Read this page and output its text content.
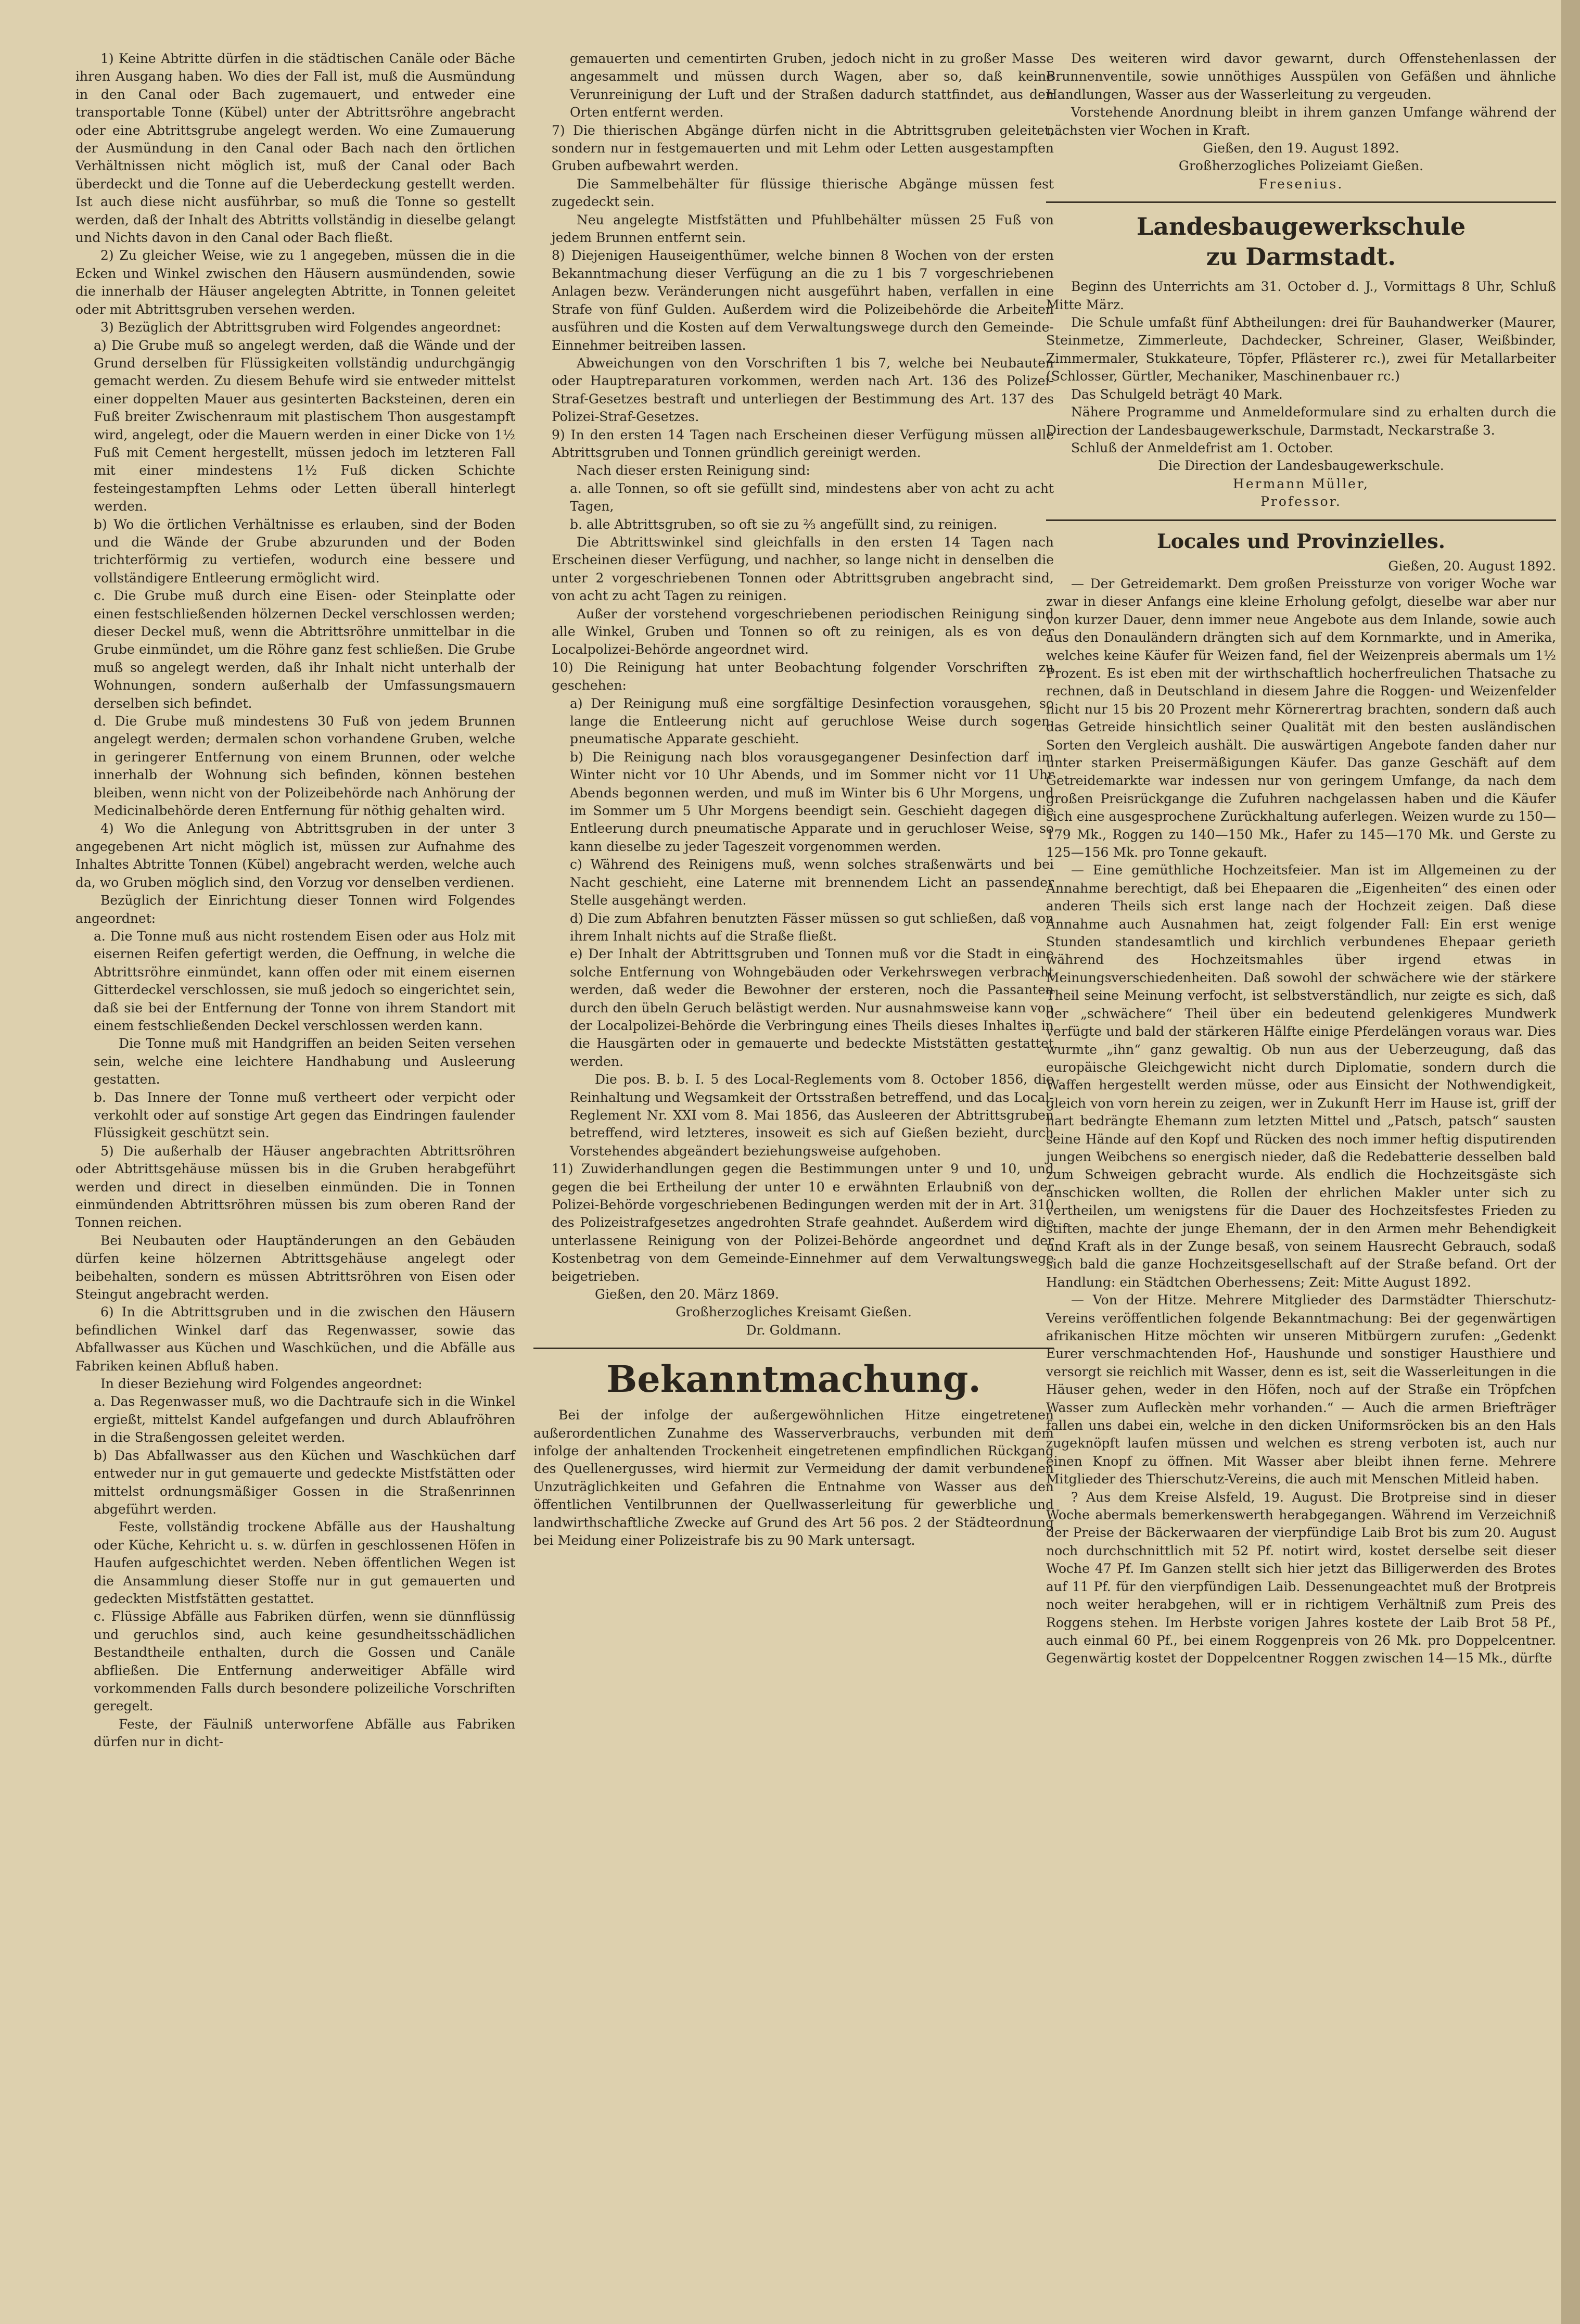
1) Keine Abtritte dürfen in die städtischen Canäle oder Bäche ihren Ausgang haben. Wo dies der Fall ist, muß die Ausmündung in den Canal oder Bach zugemauert, und entweder eine transportable Tonne (Kübel) unter der Abtrittsröhre angebracht oder eine Abtrittsgrube angelegt werden. Wo eine Zumauerung der Ausmündung in den Canal oder Bach nach den örtlichen Verhältnissen nicht möglich ist, muß der Canal oder Bach überdeckt und die Tonne auf die Ueberdeckung gestellt werden. Ist auch diese nicht ausführbar, so muß die Tonne so gestellt werden, daß der Inhalt des Abtritts vollständig in dieselbe gelangt und Nichts davon in den Canal oder Bach fließt.

2) Zu gleicher Weise, wie zu 1 angegeben, müssen die in die Ecken und Winkel zwischen den Häusern ausmündenden, sowie die innerhalb der Häuser angelegten Abtritte, in Tonnen geleitet oder mit Abtrittsgruben versehen werden.

3) Bezüglich der Abtrittsgruben wird Folgendes angeordnet:

a) Die Grube muß so angelegt werden, daß die Wände und der Grund derselben für Flüssigkeiten vollständig undurchgängig gemacht werden. Zu diesem Behufe wird sie entweder mittelst einer doppelten Mauer aus gesinterten Backsteinen, deren ein Fuß breiter Zwischenraum mit plastischem Thon ausgestampft wird, angelegt, oder die Mauern werden in einer Dicke von 1½ Fuß mit Cement hergestellt, müssen jedoch im letzteren Fall mit einer mindestens 1½ Fuß dicken Schichte festeingestampften Lehms oder Letten überall hinterlegt werden.

b) Wo die örtlichen Verhältnisse es erlauben, sind der Boden und die Wände der Grube abzurunden und der Boden trichterförmig zu vertiefen, wodurch eine bessere und vollständigere Entleerung ermöglicht wird.

c. Die Grube muß durch eine Eisen- oder Steinplatte oder einen festschließenden hölzernen Deckel verschlossen werden; dieser Deckel muß, wenn die Abtrittsröhre unmittelbar in die Grube einmündet, um die Röhre ganz fest schließen. Die Grube muß so angelegt werden, daß ihr Inhalt nicht unterhalb der Wohnungen, sondern außerhalb der Umfassungsmauern derselben sich befindet.

d. Die Grube muß mindestens 30 Fuß von jedem Brunnen angelegt werden; dermalen schon vorhandene Gruben, welche in geringerer Entfernung von einem Brunnen, oder welche innerhalb der Wohnung sich befinden, können bestehen bleiben, wenn nicht von der Polizeibehörde nach Anhörung der Medicinalbehörde deren Entfernung für nöthig gehalten wird.

4) Wo die Anlegung von Abtrittsgruben in der unter 3 angegebenen Art nicht möglich ist, müssen zur Aufnahme des Inhaltes Abtritte Tonnen (Kübel) angebracht werden, welche auch da, wo Gruben möglich sind, den Vorzug vor denselben verdienen.

Bezüglich der Einrichtung dieser Tonnen wird Folgendes angeordnet:

a. Die Tonne muß aus nicht rostendem Eisen oder aus Holz mit eisernen Reifen gefertigt werden, die Oeffnung, in welche die Abtrittsröhre einmündet, kann offen oder mit einem eisernen Gitterdeckel verschlossen, sie muß jedoch so eingerichtet sein, daß sie bei der Entfernung der Tonne von ihrem Standort mit einem festschließenden Deckel verschlossen werden kann.

Die Tonne muß mit Handgriffen an beiden Seiten versehen sein, welche eine leichtere Handhabung und Ausleerung gestatten.

b. Das Innere der Tonne muß vertheert oder verpicht oder verkohlt oder auf sonstige Art gegen das Eindringen faulender Flüssigkeit geschützt sein.

5) Die außerhalb der Häuser angebrachten Abtrittsröhren oder Abtrittsgehäuse müssen bis in die Gruben herabgeführt werden und direct in dieselben einmünden. Die in Tonnen einmündenden Abtrittsröhren müssen bis zum oberen Rand der Tonnen reichen.

Bei Neubauten oder Hauptänderungen an den Gebäuden dürfen keine hölzernen Abtrittsgehäuse angelegt oder beibehalten, sondern es müssen Abtrittsröhren von Eisen oder Steingut angebracht werden.

6) In die Abtrittsgruben und in die zwischen den Häusern befindlichen Winkel darf das Regenwasser, sowie das Abfallwasser aus Küchen und Waschküchen, und die Abfälle aus Fabriken keinen Abfluß haben.

In dieser Beziehung wird Folgendes angeordnet:

a. Das Regenwasser muß, wo die Dachtraufe sich in die Winkel ergießt, mittelst Kandel aufgefangen und durch Ablaufröhren in die Straßengossen geleitet werden.

b) Das Abfallwasser aus den Küchen und Waschküchen darf entweder nur in gut gemauerte und gedeckte Mistfstätten oder mittelst ordnungsmäßiger Gossen in die Straßenrinnen abgeführt werden.

Feste, vollständig trockene Abfälle aus der Haushaltung oder Küche, Kehricht u. s. w. dürfen in geschlossenen Höfen in Haufen aufgeschichtet werden. Neben öffentlichen Wegen ist die Ansammlung dieser Stoffe nur in gut gemauerten und gedeckten Mistfstätten gestattet.

c. Flüssige Abfälle aus Fabriken dürfen, wenn sie dünnflüssig und geruchlos sind, auch keine gesundheitsschädlichen Bestandtheile enthalten, durch die Gossen und Canäle abfließen. Die Entfernung anderweitiger Abfälle wird vorkommenden Falls durch besondere polizeiliche Vorschriften geregelt.

Feste, der Fäulniß unterworfene Abfälle aus Fabriken dürfen nur in dicht-

gemauerten und cementirten Gruben, jedoch nicht in zu großer Masse angesammelt und müssen durch Wagen, aber so, daß keine Verunreinigung der Luft und der Straßen dadurch stattfindet, aus den Orten entfernt werden.

7) Die thierischen Abgänge dürfen nicht in die Abtrittsgruben geleitet, sondern nur in festgemauerten und mit Lehm oder Letten ausgestampften Gruben aufbewahrt werden.

Die Sammelbehälter für flüssige thierische Abgänge müssen fest zugedeckt sein.

Neu angelegte Mistfstätten und Pfuhlbehälter müssen 25 Fuß von jedem Brunnen entfernt sein.

8) Diejenigen Hauseigenthümer, welche binnen 8 Wochen von der ersten Bekanntmachung dieser Verfügung an die zu 1 bis 7 vorgeschriebenen Anlagen bezw. Veränderungen nicht ausgeführt haben, verfallen in eine Strafe von fünf Gulden. Außerdem wird die Polizeibehörde die Arbeiten ausführen und die Kosten auf dem Verwaltungswege durch den Gemeinde-Einnehmer beitreiben lassen.

Abweichungen von den Vorschriften 1 bis 7, welche bei Neubauten oder Hauptreparaturen vorkommen, werden nach Art. 136 des Polizei-Straf-Gesetzes bestraft und unterliegen der Bestimmung des Art. 137 des Polizei-Straf-Gesetzes.

9) In den ersten 14 Tagen nach Erscheinen dieser Verfügung müssen alle Abtrittsgruben und Tonnen gründlich gereinigt werden.

Nach dieser ersten Reinigung sind:

a. alle Tonnen, so oft sie gefüllt sind, mindestens aber von acht zu acht Tagen,

b. alle Abtrittsgruben, so oft sie zu ⅔ angefüllt sind, zu reinigen.

Die Abtrittswinkel sind gleichfalls in den ersten 14 Tagen nach Erscheinen dieser Verfügung, und nachher, so lange nicht in denselben die unter 2 vorgeschriebenen Tonnen oder Abtrittsgruben angebracht sind, von acht zu acht Tagen zu reinigen.

Außer der vorstehend vorgeschriebenen periodischen Reinigung sind alle Winkel, Gruben und Tonnen so oft zu reinigen, als es von der Localpolizei-Behörde angeordnet wird.

10) Die Reinigung hat unter Beobachtung folgender Vorschriften zu geschehen:

a) Der Reinigung muß eine sorgfältige Desinfection vorausgehen, so lange die Entleerung nicht auf geruchlose Weise durch sogen. pneumatische Apparate geschieht.

b) Die Reinigung nach blos vorausgegangener Desinfection darf im Winter nicht vor 10 Uhr Abends, und im Sommer nicht vor 11 Uhr Abends begonnen werden, und muß im Winter bis 6 Uhr Morgens, und im Sommer um 5 Uhr Morgens beendigt sein. Geschieht dagegen die Entleerung durch pneumatische Apparate und in geruchloser Weise, so kann dieselbe zu jeder Tageszeit vorgenommen werden.

c) Während des Reinigens muß, wenn solches straßenwärts und bei Nacht geschieht, eine Laterne mit brennendem Licht an passender Stelle ausgehängt werden.

d) Die zum Abfahren benutzten Fässer müssen so gut schließen, daß von ihrem Inhalt nichts auf die Straße fließt.

e) Der Inhalt der Abtrittsgruben und Tonnen muß vor die Stadt in eine solche Entfernung von Wohngebäuden oder Verkehrswegen verbracht werden, daß weder die Bewohner der ersteren, noch die Passanten durch den übeln Geruch belästigt werden. Nur ausnahmsweise kann von der Localpolizei-Behörde die Verbringung eines Theils dieses Inhaltes in die Hausgärten oder in gemauerte und bedeckte Miststätten gestattet werden.

Die pos. B. b. I. 5 des Local-Reglements vom 8. October 1856, die Reinhaltung und Wegsamkeit der Ortsstraßen betreffend, und das Local-Reglement Nr. XXI vom 8. Mai 1856, das Ausleeren der Abtrittsgruben betreffend, wird letzteres, insoweit es sich auf Gießen bezieht, durch Vorstehendes abgeändert beziehungsweise aufgehoben.

11) Zuwiderhandlungen gegen die Bestimmungen unter 9 und 10, und gegen die bei Ertheilung der unter 10 e erwähnten Erlaubniß von der Polizei-Behörde vorgeschriebenen Bedingungen werden mit der in Art. 310 des Polizeistrafgesetzes angedrohten Strafe geahndet. Außerdem wird die unterlassene Reinigung von der Polizei-Behörde angeordnet und der Kostenbetrag von dem Gemeinde-Einnehmer auf dem Verwaltungswege beigetrieben.

Gießen, den 20. März 1869.

Großherzogliches Kreisamt Gießen.

Dr. Goldmann.

Bekanntmachung.

Bei der infolge der außergewöhnlichen Hitze eingetretenen außerordentlichen Zunahme des Wasserverbrauchs, verbunden mit dem infolge der anhaltenden Trockenheit eingetretenen empfindlichen Rückgang des Quellenergusses, wird hiermit zur Vermeidung der damit verbundenen Unzuträglichkeiten und Gefahren die Entnahme von Wasser aus den öffentlichen Ventilbrunnen der Quellwasserleitung für gewerbliche und landwirthschaftliche Zwecke auf Grund des Art 56 pos. 2 der Städteordnung bei Meidung einer Polizeistrafe bis zu 90 Mark untersagt.

Des weiteren wird davor gewarnt, durch Offenstehenlassen der Brunnenventile, sowie unnöthiges Ausspülen von Gefäßen und ähnliche Handlungen, Wasser aus der Wasserleitung zu vergeuden.

Vorstehende Anordnung bleibt in ihrem ganzen Umfange während der nächsten vier Wochen in Kraft.

Gießen, den 19. August 1892.

Großherzogliches Polizeiamt Gießen.

Fresenius.

Landesbaugewerkschule
zu Darmstadt.

Beginn des Unterrichts am 31. October d. J., Vormittags 8 Uhr, Schluß Mitte März.

Die Schule umfaßt fünf Abtheilungen: drei für Bauhandwerker (Maurer, Steinmetze, Zimmerleute, Dachdecker, Schreiner, Glaser, Weißbinder, Zimmermaler, Stukkateure, Töpfer, Pflästerer rc.), zwei für Metallarbeiter (Schlosser, Gürtler, Mechaniker, Maschinenbauer rc.)

Das Schulgeld beträgt 40 Mark.

Nähere Programme und Anmeldeformulare sind zu erhalten durch die Direction der Landesbaugewerkschule, Darmstadt, Neckarstraße 3.

Schluß der Anmeldefrist am 1. October.

Die Direction der Landesbaugewerkschule.

Hermann Müller,

Professor.

Locales und Provinzielles.

Gießen, 20. August 1892.

— Der Getreidemarkt. Dem großen Preissturze von voriger Woche war zwar in dieser Anfangs eine kleine Erholung gefolgt, dieselbe war aber nur von kurzer Dauer, denn immer neue Angebote aus dem Inlande, sowie auch aus den Donauländern drängten sich auf dem Kornmarkte, und in Amerika, welches keine Käufer für Weizen fand, fiel der Weizenpreis abermals um 1½ Prozent. Es ist eben mit der wirthschaftlich hocherfreulichen Thatsache zu rechnen, daß in Deutschland in diesem Jahre die Roggen- und Weizenfelder nicht nur 15 bis 20 Prozent mehr Körnerertrag brachten, sondern daß auch das Getreide hinsichtlich seiner Qualität mit den besten ausländischen Sorten den Vergleich aushält. Die auswärtigen Angebote fanden daher nur unter starken Preisermäßigungen Käufer. Das ganze Geschäft auf dem Getreidemarkte war indessen nur von geringem Umfange, da nach dem großen Preisrückgange die Zufuhren nachgelassen haben und die Käufer sich eine ausgesprochene Zurückhaltung auferlegen. Weizen wurde zu 150—179 Mk., Roggen zu 140—150 Mk., Hafer zu 145—170 Mk. und Gerste zu 125—156 Mk. pro Tonne gekauft.

— Eine gemüthliche Hochzeitsfeier. Man ist im Allgemeinen zu der Annahme berechtigt, daß bei Ehepaaren die „Eigenheiten“ des einen oder anderen Theils sich erst lange nach der Hochzeit zeigen. Daß diese Annahme auch Ausnahmen hat, zeigt folgender Fall: Ein erst wenige Stunden standesamtlich und kirchlich verbundenes Ehepaar gerieth während des Hochzeitsmahles über irgend etwas in Meinungsverschiedenheiten. Daß sowohl der schwächere wie der stärkere Theil seine Meinung verfocht, ist selbstverständlich, nur zeigte es sich, daß der „schwächere“ Theil über ein bedeutend gelenkigeres Mundwerk verfügte und bald der stärkeren Hälfte einige Pferdelängen voraus war. Dies wurmte „ihn“ ganz gewaltig. Ob nun aus der Ueberzeugung, daß das europäische Gleichgewicht nicht durch Diplomatie, sondern durch die Waffen hergestellt werden müsse, oder aus Einsicht der Nothwendigkeit, gleich von vorn herein zu zeigen, wer in Zukunft Herr im Hause ist, griff der hart bedrängte Ehemann zum letzten Mittel und „Patsch, patsch“ sausten seine Hände auf den Kopf und Rücken des noch immer heftig disputirenden jungen Weibchens so energisch nieder, daß die Redebatterie desselben bald zum Schweigen gebracht wurde. Als endlich die Hochzeitsgäste sich anschicken wollten, die Rollen der ehrlichen Makler unter sich zu vertheilen, um wenigstens für die Dauer des Hochzeitsfestes Frieden zu stiften, machte der junge Ehemann, der in den Armen mehr Behendigkeit und Kraft als in der Zunge besaß, von seinem Hausrecht Gebrauch, sodaß sich bald die ganze Hochzeitsgesellschaft auf der Straße befand. Ort der Handlung: ein Städtchen Oberhessens; Zeit: Mitte August 1892.

— Von der Hitze. Mehrere Mitglieder des Darmstädter Thierschutz-Vereins veröffentlichen folgende Bekanntmachung: Bei der gegenwärtigen afrikanischen Hitze möchten wir unseren Mitbürgern zurufen: „Gedenkt Eurer verschmachtenden Hof-, Haushunde und sonstiger Hausthiere und versorgt sie reichlich mit Wasser, denn es ist, seit die Wasserleitungen in die Häuser gehen, weder in den Höfen, noch auf der Straße ein Tröpfchen Wasser zum Aufleckèn mehr vorhanden.“ — Auch die armen Briefträger fallen uns dabei ein, welche in den dicken Uniformsröcken bis an den Hals zugeknöpft laufen müssen und welchen es streng verboten ist, auch nur einen Knopf zu öffnen. Mit Wasser aber bleibt ihnen ferne. Mehrere Mitglieder des Thierschutz-Vereins, die auch mit Menschen Mitleid haben.

? Aus dem Kreise Alsfeld, 19. August. Die Brotpreise sind in dieser Woche abermals bemerkenswerth herabgegangen. Während im Verzeichniß der Preise der Bäckerwaaren der vierpfündige Laib Brot bis zum 20. August noch durchschnittlich mit 52 Pf. notirt wird, kostet derselbe seit dieser Woche 47 Pf. Im Ganzen stellt sich hier jetzt das Billigerwerden des Brotes auf 11 Pf. für den vierpfündigen Laib. Dessenungeachtet muß der Brotpreis noch weiter herabgehen, will er in richtigem Verhältniß zum Preis des Roggens stehen. Im Herbste vorigen Jahres kostete der Laib Brot 58 Pf., auch einmal 60 Pf., bei einem Roggenpreis von 26 Mk. pro Doppelcentner. Gegenwärtig kostet der Doppelcentner Roggen zwischen 14—15 Mk., dürfte
